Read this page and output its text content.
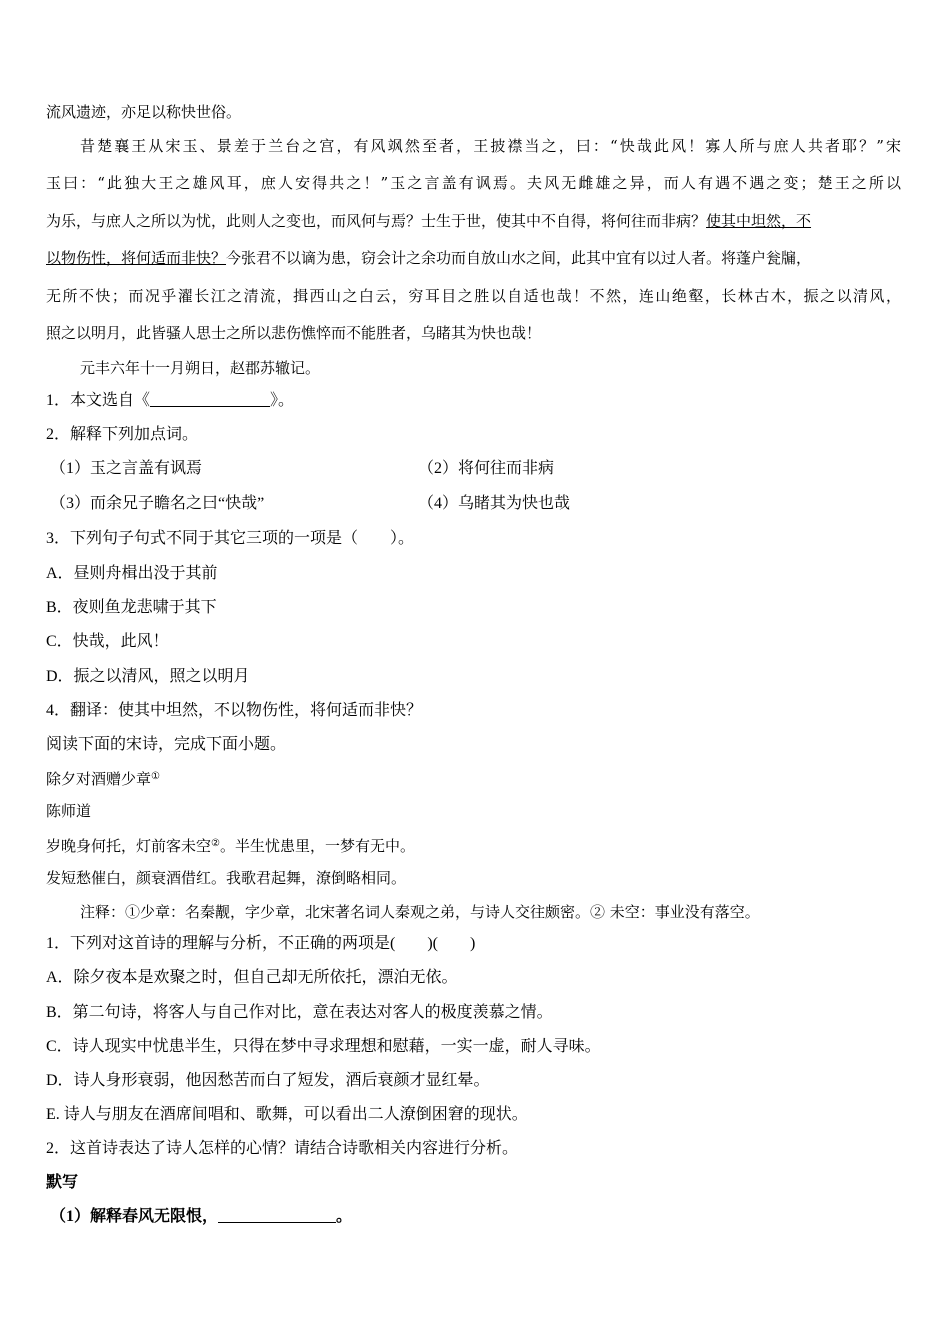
流风遗迹，亦足以称快世俗。
昔楚襄王从宋玉、景差于兰台之宫，有风飒然至者，王披襟当之，曰：“快哉此风！寡人所与庶人共者耶？”宋
玉曰：“此独大王之雄风耳，庶人安得共之！”玉之言盖有讽焉。夫风无雌雄之异，而人有遇不遇之变；楚王之所以
为乐，与庶人之所以为忧，此则人之变也，而风何与焉？士生于世，使其中不自得，将何往而非病？使其中坦然，不
以物伤性，将何适而非快？今张君不以谪为患，窃会计之余功而自放山水之间，此其中宜有以过人者。将蓬户瓮牖，
无所不快；而况乎濯长江之清流，揖西山之白云，穷耳目之胜以自适也哉！不然，连山绝壑，长林古木，振之以清风，
照之以明月，此皆骚人思士之所以悲伤憔悴而不能胜者，乌睹其为快也哉！
元丰六年十一月朔日，赵郡苏辙记。
1．本文选自《	》。
2．解释下列加点词。
（1）玉之言盖有讽焉	（2）将何往而非病
（3）而余兄子瞻名之曰“快哉”	（4）乌睹其为快也哉
3．下列句子句式不同于其它三项的一项是（　　）。
A．昼则舟楫出没于其前
B．夜则鱼龙悲啸于其下
C．快哉，此风！
D．振之以清风，照之以明月
4．翻译：使其中坦然，不以物伤性，将何适而非快？
阅读下面的宋诗，完成下面小题。
除夕对酒赠少章①
陈师道
岁晚身何托，灯前客未空②。半生忧患里，一梦有无中。
发短愁催白，颜衰酒借红。我歌君起舞，潦倒略相同。
注释：①少章：名秦觏，字少章，北宋著名词人秦观之弟，与诗人交往颇密。② 未空：事业没有落空。
1．下列对这首诗的理解与分析，不正确的两项是(　　)(　　)
A．除夕夜本是欢聚之时，但自己却无所依托，漂泊无依。
B．第二句诗，将客人与自己作对比，意在表达对客人的极度羡慕之情。
C．诗人现实中忧患半生，只得在梦中寻求理想和慰藉，一实一虚，耐人寻味。
D．诗人身形衰弱，他因愁苦而白了短发，酒后衰颜才显红晕。
E. 诗人与朋友在酒席间唱和、歌舞，可以看出二人潦倒困窘的现状。
2．这首诗表达了诗人怎样的心情？请结合诗歌相关内容进行分析。
默写
（1）解释春风无限恨，	。
